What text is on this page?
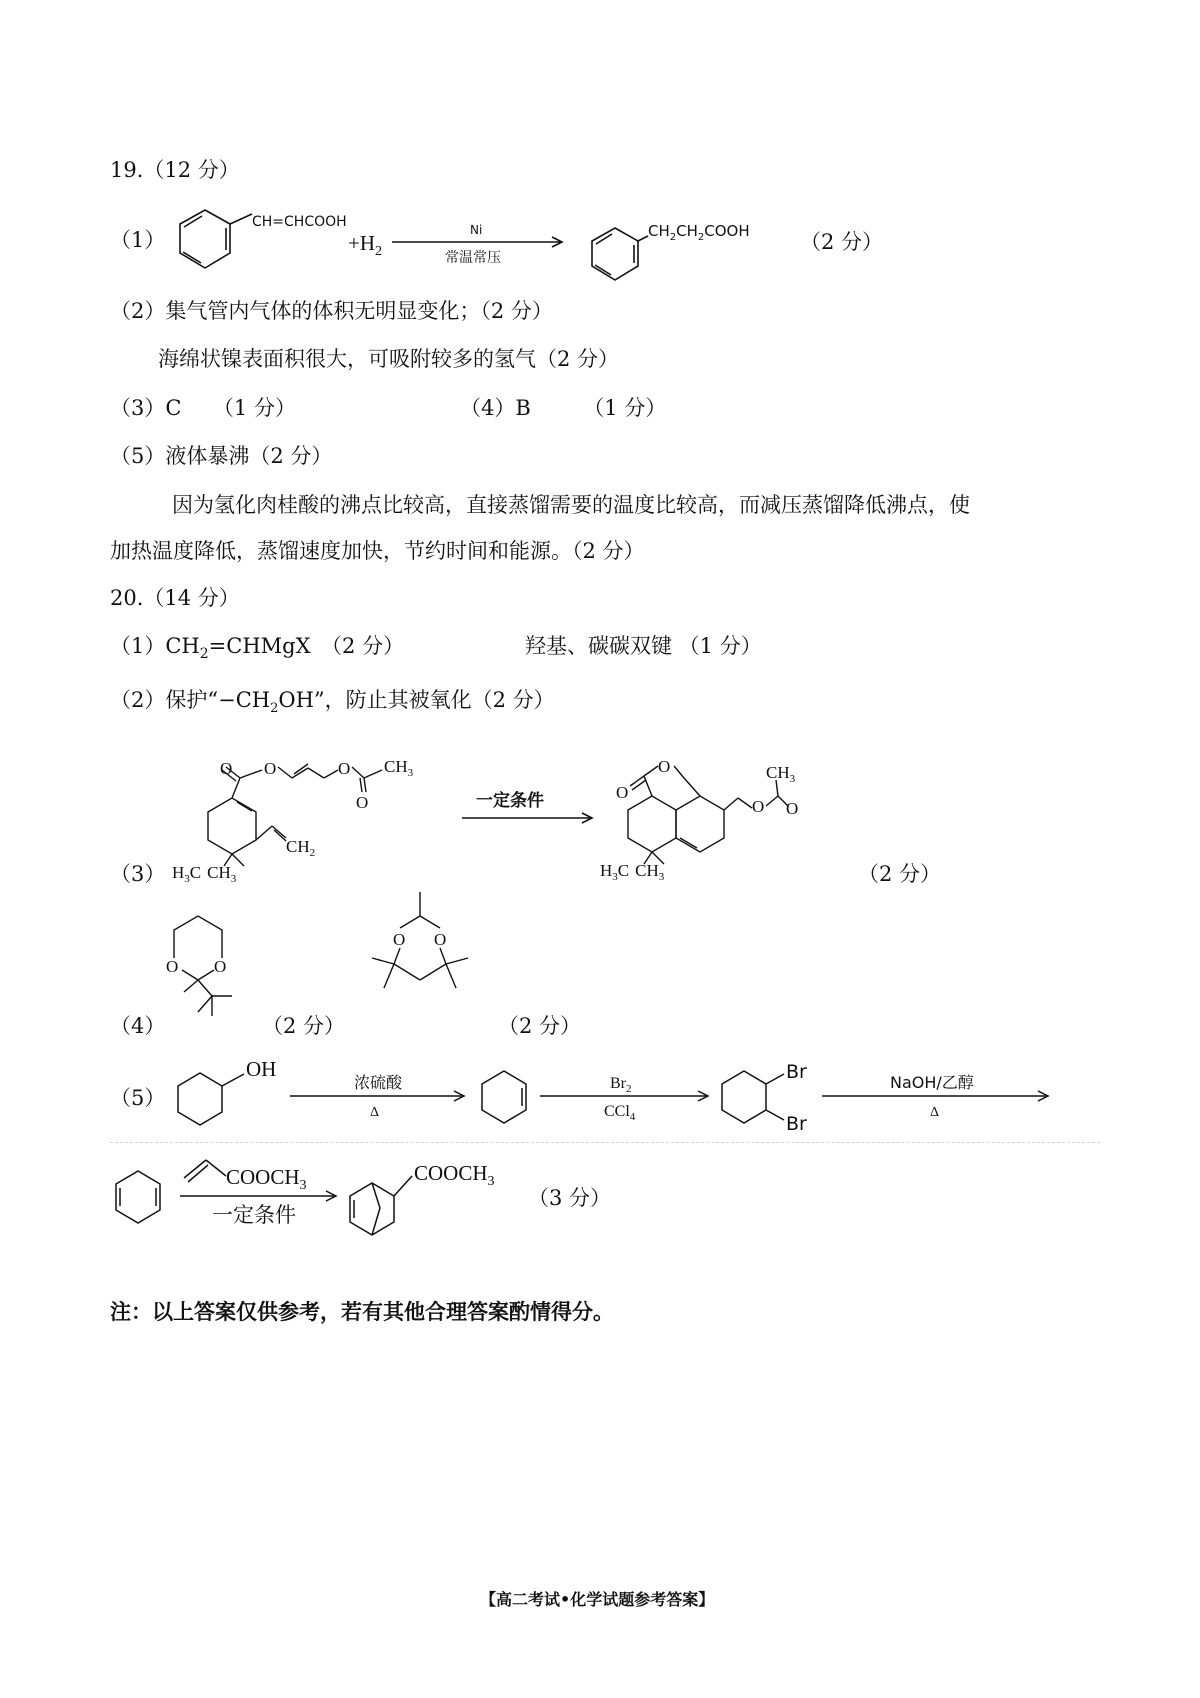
19.（12 分）
（1）
CH=CHCOOH
$+H_2$
Ni
常温常压
$CH_2CH_2COOH$ （2 分）
（2）集气管内气体的体积无明显变化；（2 分）
海绵状镍表面积很大，可吸附较多的氢气（2 分）
（3）C　　（1 分）	（4）B　　　（1 分）
（5）液体暴沸（2 分）
因为氢化肉桂酸的沸点比较高，直接蒸馏需要的温度比较高，而减压蒸馏降低沸点，使
加热温度降低，蒸馏速度加快，节约时间和能源。（2 分）
20.（14 分）
$(1)CH_2=CHMgX$　（2 分）	羟基、碳碳双键 （1 分）
（2）保护“$-CH_2OH$”，防止其被氧化（2 分）
（3）
O O	O
O
$CH_3$
$CH_2$
$H_3C$ $CH_3$
一定条件
O
O
O O
$CH_3$
$H_3C$ $CH_3$	（2 分）
（4）
O O
O O
（2 分）	（2 分）
（5）
OH
浓硫酸
Δ
$Br_2$
CCl$_4$
Br
Br
NaOH/乙醇
Δ
$COOCH_3$
一定条件
$COOCH_3$
（3 分）
注：以上答案仅供参考，若有其他合理答案酌情得分。
【高二考试•化学试题参考答案】
